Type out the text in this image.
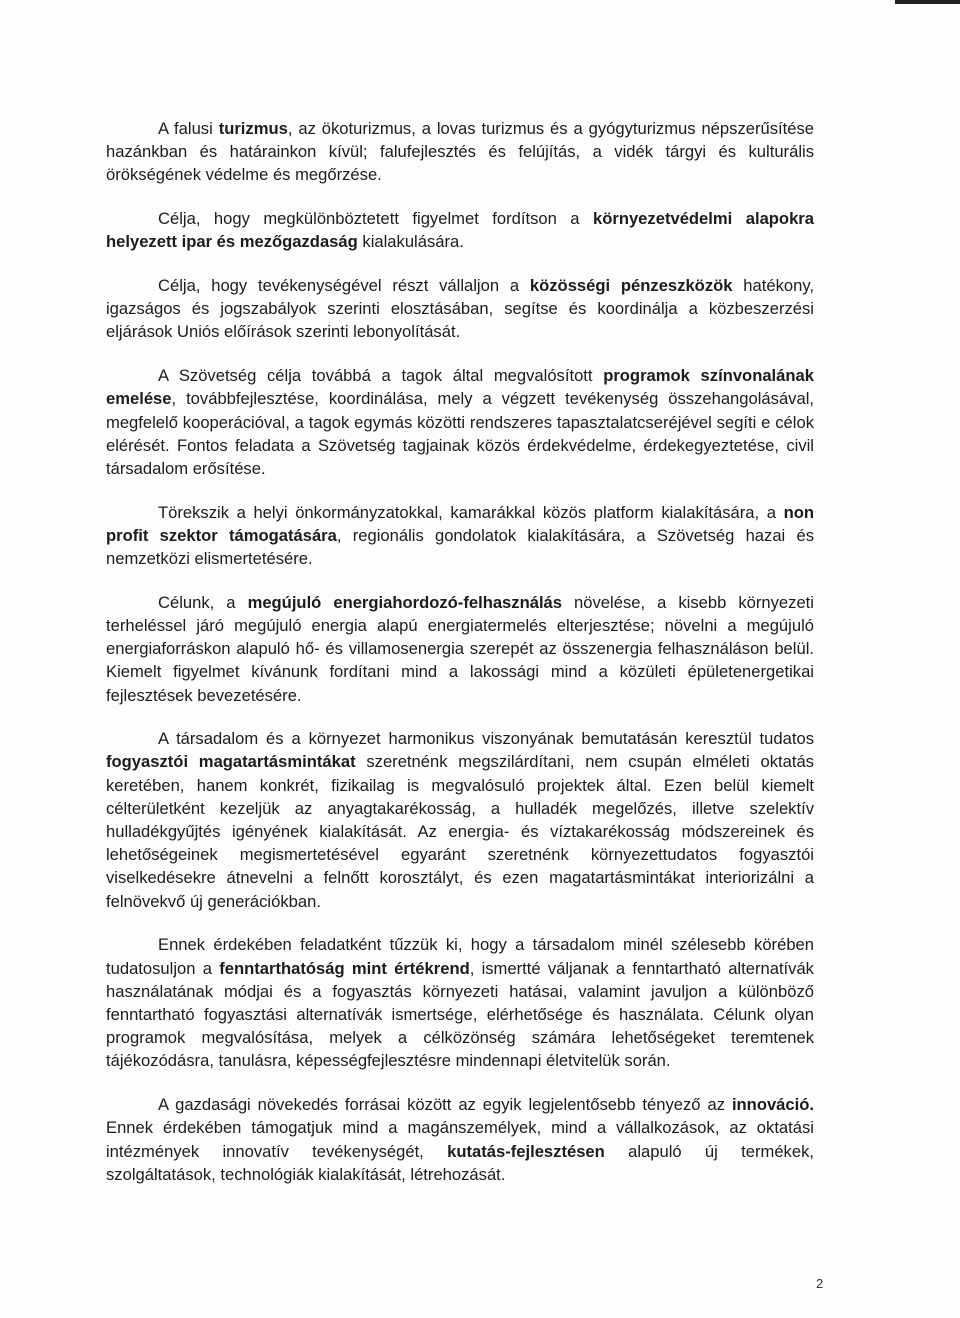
A falusi turizmus, az ökoturizmus, a lovas turizmus és a gyógyturizmus népszerűsítése hazánkban és határainkon kívül; falufejlesztés és felújítás, a vidék tárgyi és kulturális örökségének védelme és megőrzése.

Célja, hogy megkülönböztetett figyelmet fordítson a környezetvédelmi alapokra helyezett ipar és mezőgazdaság kialakulására.

Célja, hogy tevékenységével részt vállaljon a közösségi pénzeszközök hatékony, igazságos és jogszabályok szerinti elosztásában, segítse és koordinálja a közbeszerzési eljárások Uniós előírások szerinti lebonyolítását.

A Szövetség célja továbbá a tagok által megvalósított programok színvonalának emelése, továbbfejlesztése, koordinálása, mely a végzett tevékenység összehangolásával, megfelelő kooperációval, a tagok egymás közötti rendszeres tapasztalatcseréjével segíti e célok elérését. Fontos feladata a Szövetség tagjainak közös érdekvédelme, érdekegyeztetése, civil társadalom erősítése.

Törekszik a helyi önkormányzatokkal, kamarákkal közös platform kialakítására, a non profit szektor támogatására, regionális gondolatok kialakítására, a Szövetség hazai és nemzetközi elismertetésére.

Célunk, a megújuló energiahordozó-felhasználás növelése, a kisebb környezeti terheléssel járó megújuló energia alapú energiatermelés elterjesztése; növelni a megújuló energiaforráskon alapuló hő- és villamosenergia szerepét az összenergia felhasználáson belül. Kiemelt figyelmet kívánunk fordítani mind a lakossági mind a közületi épületenergetikai fejlesztések bevezetésére.

A társadalom és a környezet harmonikus viszonyának bemutatásán keresztül tudatos fogyasztói magatartásmintákat szeretnénk megszilárdítani, nem csupán elméleti oktatás keretében, hanem konkrét, fizikailag is megvalósuló projektek által. Ezen belül kiemelt célterületként kezeljük az anyagtakarékosság, a hulladék megelőzés, illetve szelektív hulladékgyűjtés igényének kialakítását. Az energia- és víztakarékosság módszereinek és lehetőségeinek megismertetésével egyaránt szeretnénk környezettudatos fogyasztói viselkedésekre átnevelni a felnőtt korosztályt, és ezen magatartásmintákat interiorizálni a felnövekvő új generációkban.

Ennek érdekében feladatként tűzzük ki, hogy a társadalom minél szélesebb körében tudatosuljon a fenntarthatóság mint értékrend, ismertté váljanak a fenntartható alternatívák használatának módjai és a fogyasztás környezeti hatásai, valamint javuljon a különböző fenntartható fogyasztási alternatívák ismertsége, elérhetősége és használata. Célunk olyan programok megvalósítása, melyek a célközönség számára lehetőségeket teremtenek tájékozódásra, tanulásra, képességfejlesztésre mindennapi életvitelük során.

A gazdasági növekedés forrásai között az egyik legjelentősebb tényező az innováció. Ennek érdekében támogatjuk mind a magánszemélyek, mind a vállalkozások, az oktatási intézmények innovatív tevékenységét, kutatás-fejlesztésen alapuló új termékek, szolgáltatások, technológiák kialakítását, létrehozását.

2
